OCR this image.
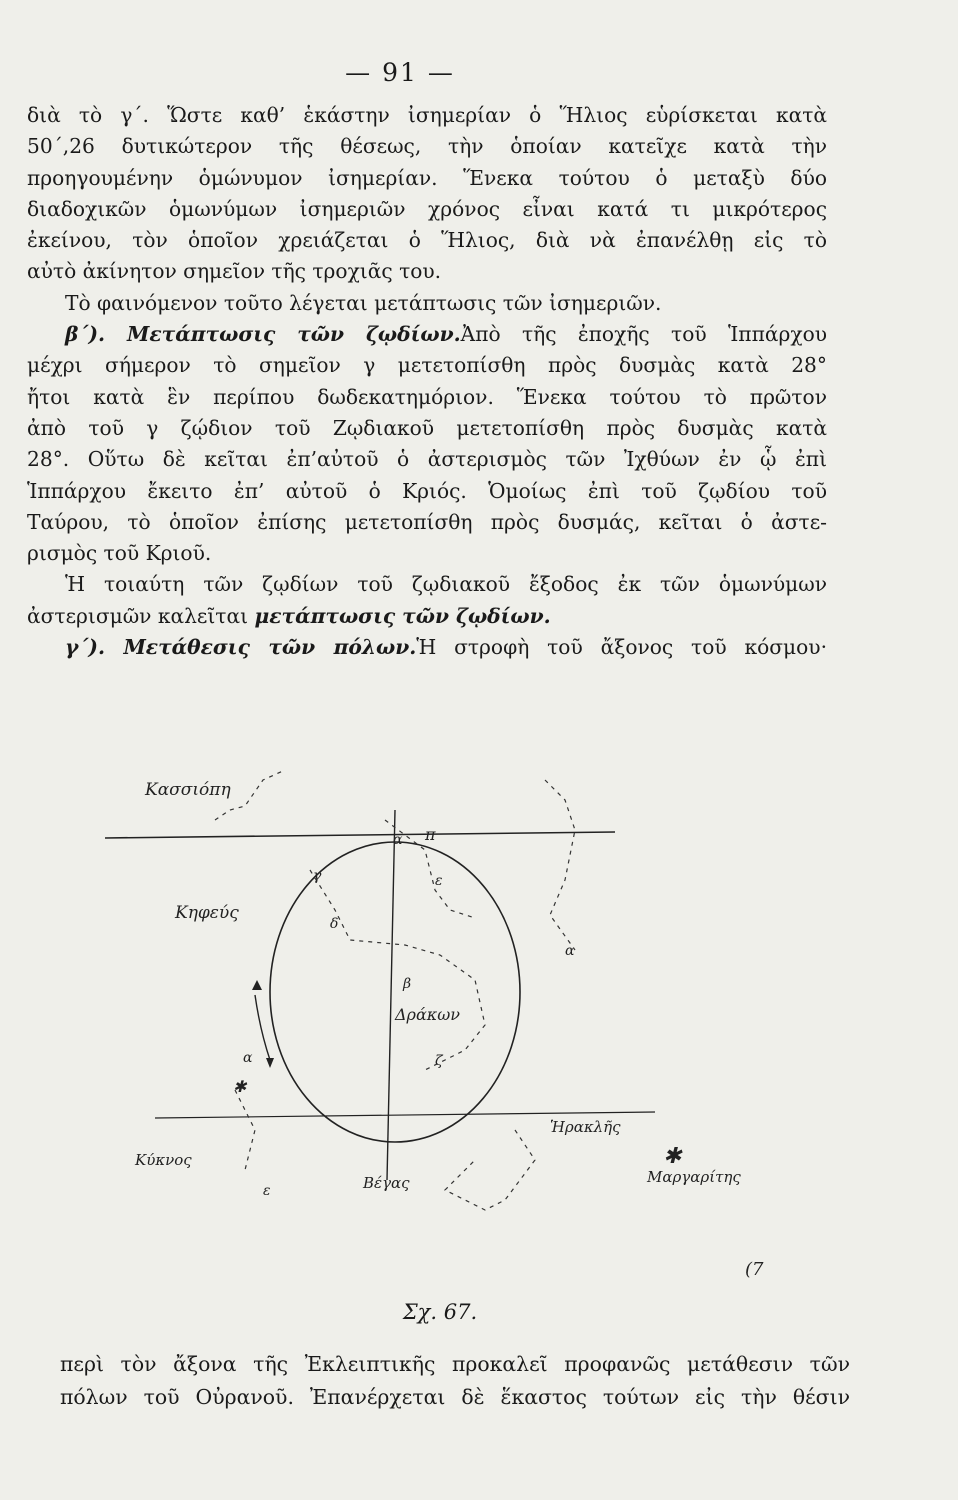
— 91 —
διὰ τὸ γ΄. Ὥστε καθ’ ἑκάστην ἰσημερίαν ὁ Ἥλιος εὑρίσκεται κατὰ
50΄,26 δυτικώτερον τῆς θέσεως, τὴν ὁποίαν κατεῖχε κατὰ τὴν
προηγουμένην ὁμώνυμον ἰσημερίαν. Ἕνεκα τούτου ὁ μεταξὺ δύο
διαδοχικῶν ὁμωνύμων ἰσημεριῶν χρόνος εἶναι κατά τι μικρότερος
ἐκείνου, τὸν ὁποῖον χρειάζεται ὁ Ἥλιος, διὰ νὰ ἐπανέλθῃ εἰς τὸ
αὐτὸ ἀκίνητον σημεῖον τῆς τροχιᾶς του.
Τὸ φαινόμενον τοῦτο λέγεται μετάπτωσις τῶν ἰσημεριῶν.
β΄). Μετάπτωσις τῶν ζῳδίων.Ἀπὸ τῆς ἐποχῆς τοῦ Ἱππάρχου
μέχρι σήμερον τὸ σημεῖον γ μετετοπίσθη πρὸς δυσμὰς κατὰ 28°
ἤτοι κατὰ ἓν περίπου δωδεκατημόριον. Ἕνεκα τούτου τὸ πρῶτον
ἀπὸ τοῦ γ ζῴδιον τοῦ Ζῳδιακοῦ μετετοπίσθη πρὸς δυσμὰς κατὰ
28°. Οὕτω δὲ κεῖται ἐπ’αὐτοῦ ὁ ἀστερισμὸς τῶν Ἰχθύων ἐν ᾧ ἐπὶ
Ἱππάρχου ἔκειτο ἐπ’ αὐτοῦ ὁ Κριός. Ὁμοίως ἐπὶ τοῦ ζῳδίου τοῦ
Ταύρου, τὸ ὁποῖον ἐπίσης μετετοπίσθη πρὸς δυσμάς, κεῖται ὁ ἀστε-
ρισμὸς τοῦ Κριοῦ.
Ἡ τοιαύτη τῶν ζῳδίων τοῦ ζῳδιακοῦ ἔξοδος ἐκ τῶν ὁμωνύμων
ἀστερισμῶν καλεῖται μετάπτωσις τῶν ζῳδίων.
γ΄). Μετάθεσις τῶν πόλων.Ἡ στροφὴ τοῦ ἄξονος τοῦ κόσμου·
✱
✱
Κασσιόπη
Κηφεύς
Δράκων
Κύκνος
Βέγας
Ἡρακλῆς
Μαργαρίτης
π
α
α
α
γ
δ
ε
β
ζ
ε
(7
Σχ. 67.
περὶ τὸν ἄξονα τῆς Ἐκλειπτικῆς προκαλεῖ προφανῶς μετάθεσιν τῶν
πόλων τοῦ Οὐρανοῦ. Ἐπανέρχεται δὲ ἕκαστος τούτων εἰς τὴν θέσιν
